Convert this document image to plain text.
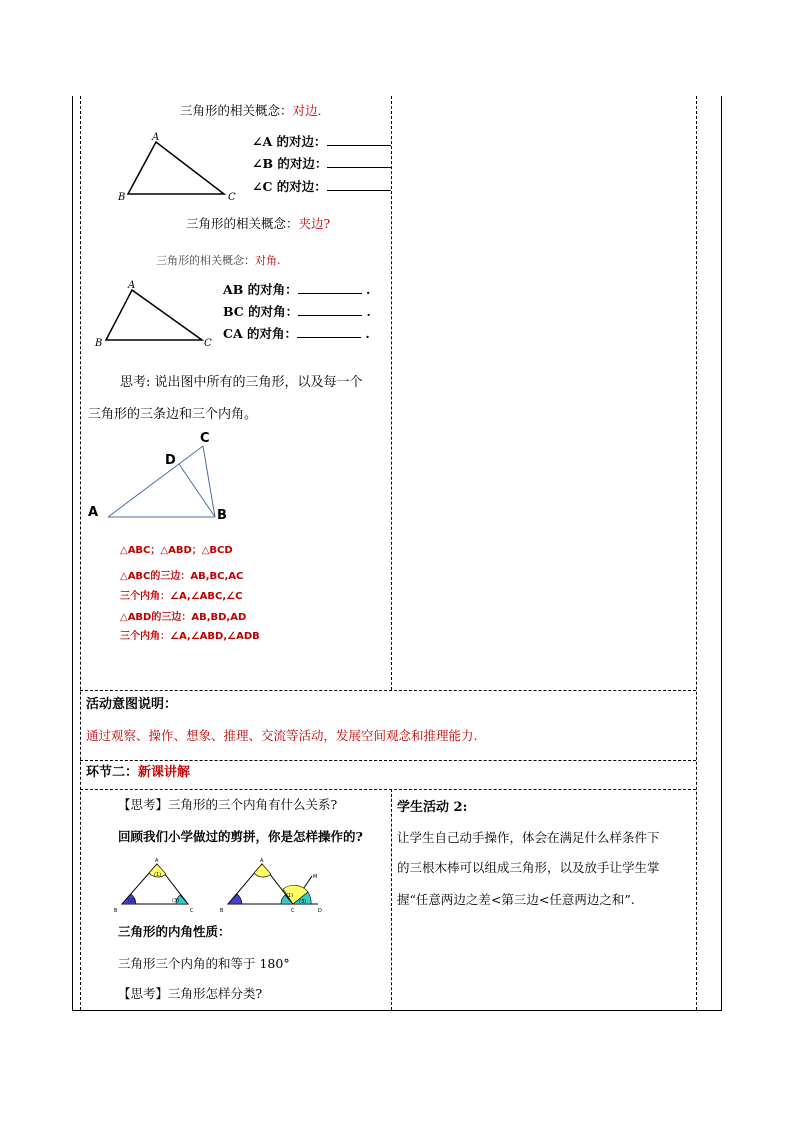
三角形的相关概念：对边.
A
B	C
∠A 的对边：
∠B 的对边：
∠C 的对边：
三角形的相关概念：夹边?
三角形的相关概念：对角.
A
B	C
AB 的对角：	.
BC 的对角：	.
CA 的对角：	.
思考: 说出图中所有的三角形，以及每一个
三角形的三条边和三个内角。
A	B
C
D
△ABC；△ABD；△BCD
△ABC的三边：AB,BC,AC
三个内角：∠A,∠ABC,∠C
△ABD的三边：AB,BD,AD
三个内角：∠A,∠ABD,∠ADB
活动意图说明：
通过观察、操作、想象、推理、交流等活动，发展空间观念和推理能力.
环节二：新课讲解
【思考】三角形的三个内角有什么关系?
回顾我们小学做过的剪拼，你是怎样操作的?
(1)
(2)	(3)
A
B	C
(1)
(3)
A
B	C	D
M
三角形的内角性质：
三角形三个内角的和等于 180°
【思考】三角形怎样分类?
学生活动 2:
让学生自己动手操作，体会在满足什么样条件下
的三根木棒可以组成三角形，以及放手让学生掌
握“任意两边之差<第三边<任意两边之和”.
